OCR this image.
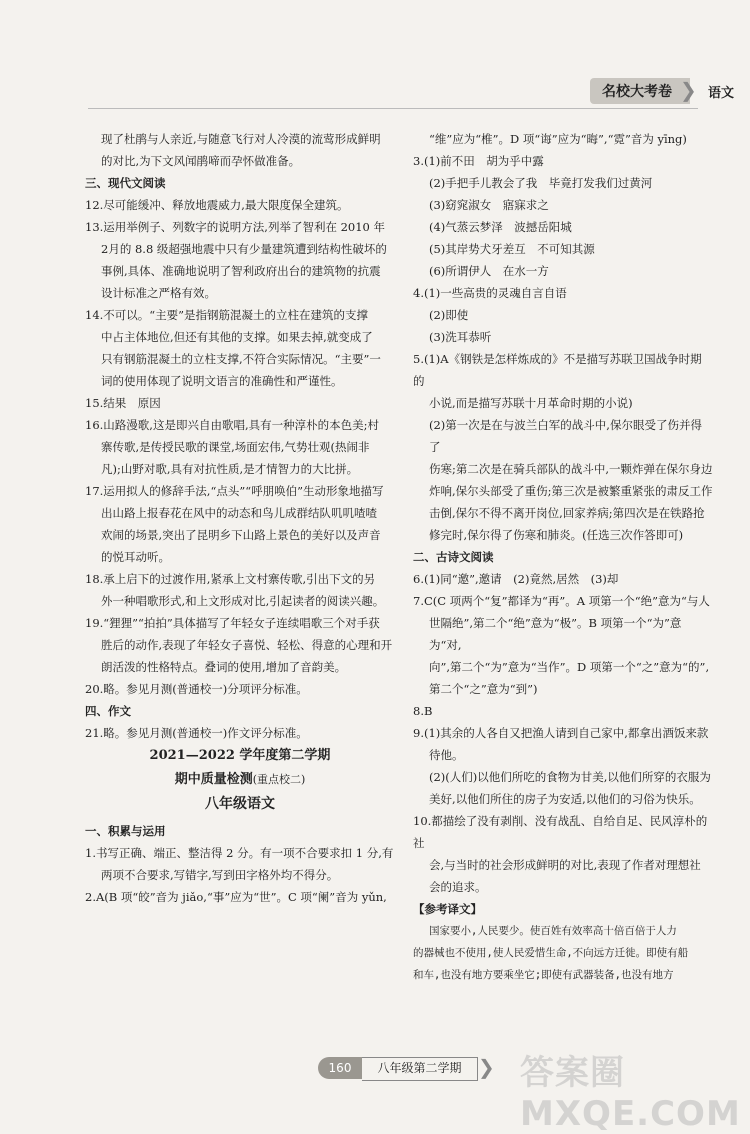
名校大考卷 ❯ 语文

现了杜鹃与人亲近,与随意飞行对人冷漠的流莺形成鲜明

的对比,为下文风闻鹃啼而孕怀做准备。

三、现代文阅读

12.尽可能缓冲、释放地震威力,最大限度保全建筑。

13.运用举例子、列数字的说明方法,列举了智利在 2010 年

2月的 8.8 级超强地震中只有少量建筑遭到结构性破坏的

事例,具体、准确地说明了智利政府出台的建筑物的抗震

设计标准之严格有效。

14.不可以。“主要”是指钢筋混凝土的立柱在建筑的支撑

中占主体地位,但还有其他的支撑。如果去掉,就变成了

只有钢筋混凝土的立柱支撑,不符合实际情况。“主要”一

词的使用体现了说明文语言的准确性和严谨性。

15.结果　原因

16.山路漫歌,这是即兴自由歌唱,具有一种淳朴的本色美;村

寨传歌,是传授民歌的课堂,场面宏伟,气势壮观(热闹非

凡);山野对歌,具有对抗性质,是才情智力的大比拼。

17.运用拟人的修辞手法,“点头”“呼朋唤伯”生动形象地描写

出山路上报春花在风中的动态和鸟儿成群结队叽叽喳喳

欢闹的场景,突出了昆明乡下山路上景色的美好以及声音

的悦耳动听。

18.承上启下的过渡作用,紧承上文村寨传歌,引出下文的另

外一种唱歌形式,和上文形成对比,引起读者的阅读兴趣。

19.“狸狸”“拍拍”具体描写了年轻女子连续唱歌三个对手获

胜后的动作,表现了年轻女子喜悦、轻松、得意的心理和开

朗活泼的性格特点。叠词的使用,增加了音韵美。

20.略。参见月测(普通校一)分项评分标准。

四、作文

21.略。参见月测(普通校一)作文评分标准。

2021—2022 学年度第二学期

期中质量检测(重点校二)

八年级语文

一、积累与运用

1.书写正确、端正、整洁得 2 分。有一项不合要求扣 1 分,有

两项不合要求,写错字,写到田字格外均不得分。

2.A(B 项“皎”音为 jiǎo,“事”应为“世”。C 项“阑”音为 yǔn,

“维”应为“椎”。D 项“诲”应为“晦”,“霓”音为 yīng)

3.(1)前不田　胡为乎中露

(2)手把手儿教会了我　毕竟打发我们过黄河

(3)窈窕淑女　寤寐求之

(4)气蒸云梦泽　波撼岳阳城

(5)其岸势犬牙差互　不可知其源

(6)所谓伊人　在水一方

4.(1)一些高贵的灵魂自言自语

(2)即使

(3)洗耳恭听

5.(1)A《钢铁是怎样炼成的》不是描写苏联卫国战争时期的

小说,而是描写苏联十月革命时期的小说)

(2)第一次是在与波兰白军的战斗中,保尔眼受了伤并得了

伤寒;第二次是在骑兵部队的战斗中,一颗炸弹在保尔身边

炸响,保尔头部受了重伤;第三次是被繁重紧张的肃反工作

击倒,保尔不得不离开岗位,回家养病;第四次是在铁路抢

修完时,保尔得了伤寒和肺炎。(任选三次作答即可)

二、古诗文阅读

6.(1)同“邀”,邀请　(2)竟然,居然　(3)却

7.C(C 项两个“复”都译为“再”。A 项第一个“绝”意为“与人

世隔绝”,第二个“绝”意为“极”。B 项第一个“为”意为“对,

向”,第二个“为”意为“当作”。D 项第一个“之”意为“的”,

第二个“之”意为“到”)

8.B

9.(1)其余的人各自又把渔人请到自己家中,都拿出酒饭来款

待他。

(2)(人们)以他们所吃的食物为甘美,以他们所穿的衣服为

美好,以他们所住的房子为安适,以他们的习俗为快乐。

10.都描绘了没有剥削、没有战乱、自给自足、民风淳朴的社

会,与当时的社会形成鲜明的对比,表现了作者对理想社

会的追求。

【参考译文】

国家要小,人民要少。使百姓有效率高十倍百倍于人力

的器械也不使用,使人民爱惜生命,不向远方迁徙。即使有船

和车,也没有地方要乘坐它;即使有武器装备,也没有地方

答案圈 MXQE.COM
160	八年级第二学期 ❯
